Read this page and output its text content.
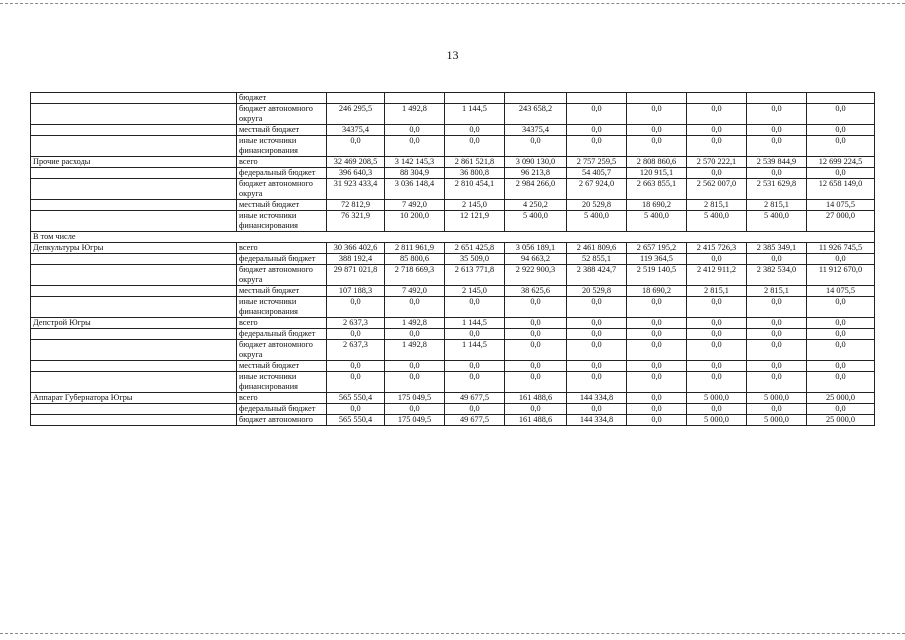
13
	бюджет									
	бюджет автономного округа	246 295,5	1 492,8	1 144,5	243 658,2	0,0	0,0	0,0	0,0	0,0
	местный бюджет	34375,4	0,0	0,0	34375,4	0,0	0,0	0,0	0,0	0,0
	иные источники финансирования	0,0	0,0	0,0	0,0	0,0	0,0	0,0	0,0	0,0
Прочие расходы	всего	32 469 208,5	3 142 145,3	2 861 521,8	3 090 130,0	2 757 259,5	2 808 860,6	2 570 222,1	2 539 844,9	12 699 224,5
	федеральный бюджет	396 640,3	88 304,9	36 800,8	96 213,8	54 405,7	120 915,1	0,0	0,0	0,0
	бюджет автономного округа	31 923 433,4	3 036 148,4	2 810 454,1	2 984 266,0	2 67 924,0	2 663 855,1	2 562 007,0	2 531 629,8	12 658 149,0
	местный бюджет	72 812,9	7 492,0	2 145,0	4 250,2	20 529,8	18 690,2	2 815,1	2 815,1	14 075,5
	иные источники финансирования	76 321,9	10 200,0	12 121,9	5 400,0	5 400,0	5 400,0	5 400,0	5 400,0	27 000,0
В том числе										
Депкультуры Югры	всего	30 366 402,6	2 811 961,9	2 651 425,8	3 056 189,1	2 461 809,6	2 657 195,2	2 415 726,3	2 385 349,1	11 926 745,5
	федеральный бюджет	388 192,4	85 800,6	35 509,0	94 663,2	52 855,1	119 364,5	0,0	0,0	0,0
	бюджет автономного округа	29 871 021,8	2 718 669,3	2 613 771,8	2 922 900,3	2 388 424,7	2 519 140,5	2 412 911,2	2 382 534,0	11 912 670,0
	местный бюджет	107 188,3	7 492,0	2 145,0	38 625,6	20 529,8	18 690,2	2 815,1	2 815,1	14 075,5
	иные источники финансирования	0,0	0,0	0,0	0,0	0,0	0,0	0,0	0,0	0,0
Депстрой Югры	всего	2 637,3	1 492,8	1 144,5	0,0	0,0	0,0	0,0	0,0	0,0
	федеральный бюджет	0,0	0,0	0,0	0,0	0,0	0,0	0,0	0,0	0,0
	бюджет автономного округа	2 637,3	1 492,8	1 144,5	0,0	0,0	0,0	0,0	0,0	0,0
	местный бюджет	0,0	0,0	0,0	0,0	0,0	0,0	0,0	0,0	0,0
	иные источники финансирования	0,0	0,0	0,0	0,0	0,0	0,0	0,0	0,0	0,0
Аппарат Губернатора Югры	всего	565 550,4	175 049,5	49 677,5	161 488,6	144 334,8	0,0	5 000,0	5 000,0	25 000,0
	федеральный бюджет	0,0	0,0	0,0	0,0	0,0	0,0	0,0	0,0	0,0
	бюджет автономного	565 550,4	175 049,5	49 677,5	161 488,6	144 334,8	0,0	5 000,0	5 000,0	25 000,0
